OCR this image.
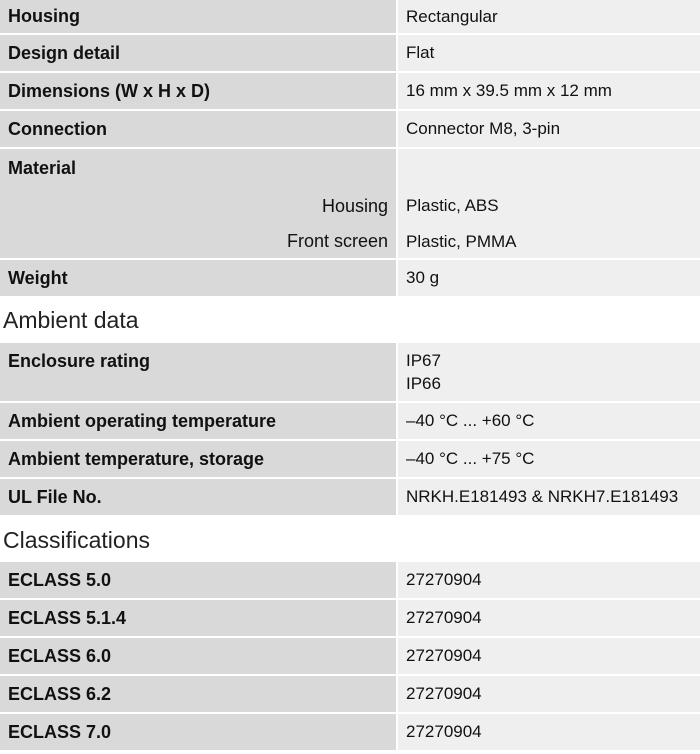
Housing	Rectangular
Design detail	Flat
Dimensions (W x H x D)	16 mm x 39.5 mm x 12 mm
Connection	Connector M8, 3-pin
Material
Housing	Plastic, ABS
Front screen	Plastic, PMMA
Weight	30 g
Ambient data
Enclosure rating	IP67
IP66
Ambient operating temperature	–40 °C ... +60 °C
Ambient temperature, storage	–40 °C ... +75 °C
UL File No.	NRKH.E181493 & NRKH7.E181493
Classifications
ECLASS 5.0	27270904
ECLASS 5.1.4	27270904
ECLASS 6.0	27270904
ECLASS 6.2	27270904
ECLASS 7.0	27270904
